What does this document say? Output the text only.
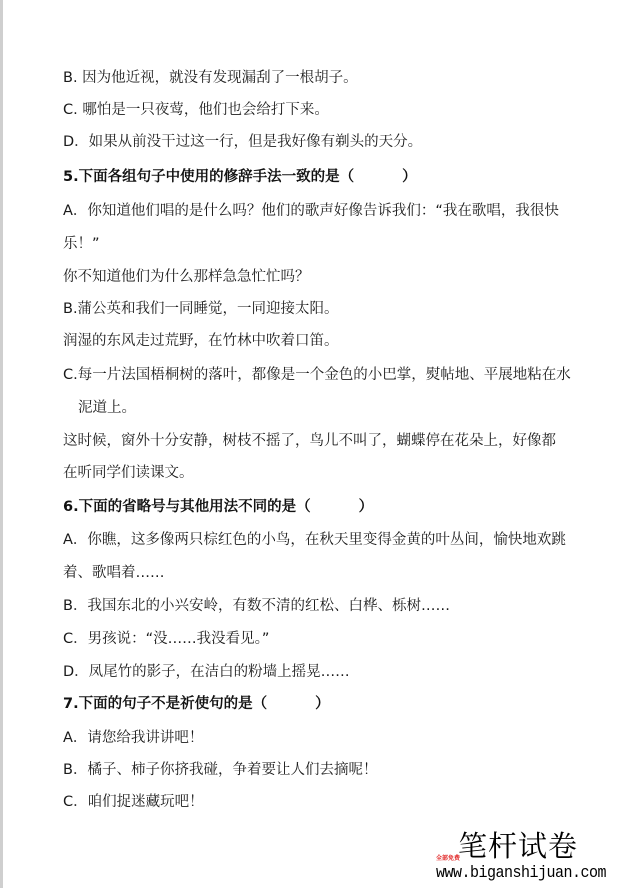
B. 因为他近视，就没有发现漏刮了一根胡子。
C. 哪怕是一只夜莺，他们也会给打下来。
D．如果从前没干过这一行，但是我好像有剃头的天分。
5.下面各组句子中使用的修辞手法一致的是（	）
A．你知道他们唱的是什么吗？他们的歌声好像告诉我们：“我在歌唱，我很快
乐！”
你不知道他们为什么那样急急忙忙吗？
B.蒲公英和我们一同睡觉，一同迎接太阳。
润湿的东风走过荒野，在竹林中吹着口笛。
C.每一片法国梧桐树的落叶，都像是一个金色的小巴掌，熨帖地、平展地粘在水
泥道上。
这时候，窗外十分安静，树枝不摇了，鸟儿不叫了，蝴蝶停在花朵上，好像都
在听同学们读课文。
6.下面的省略号与其他用法不同的是（	）
A．你瞧，这多像两只棕红色的小鸟，在秋天里变得金黄的叶丛间，愉快地欢跳
着、歌唱着……
B．我国东北的小兴安岭，有数不清的红松、白桦、栎树……
C．男孩说：“没……我没看见。”
D．凤尾竹的影子，在洁白的粉墙上摇晃……
7.下面的句子不是祈使句的是（	）
A．请您给我讲讲吧！
B．橘子、柿子你挤我碰，争着要让人们去摘呢！
C．咱们捉迷藏玩吧！
笔杆试卷
全部免费
www.biganshijuan.com
